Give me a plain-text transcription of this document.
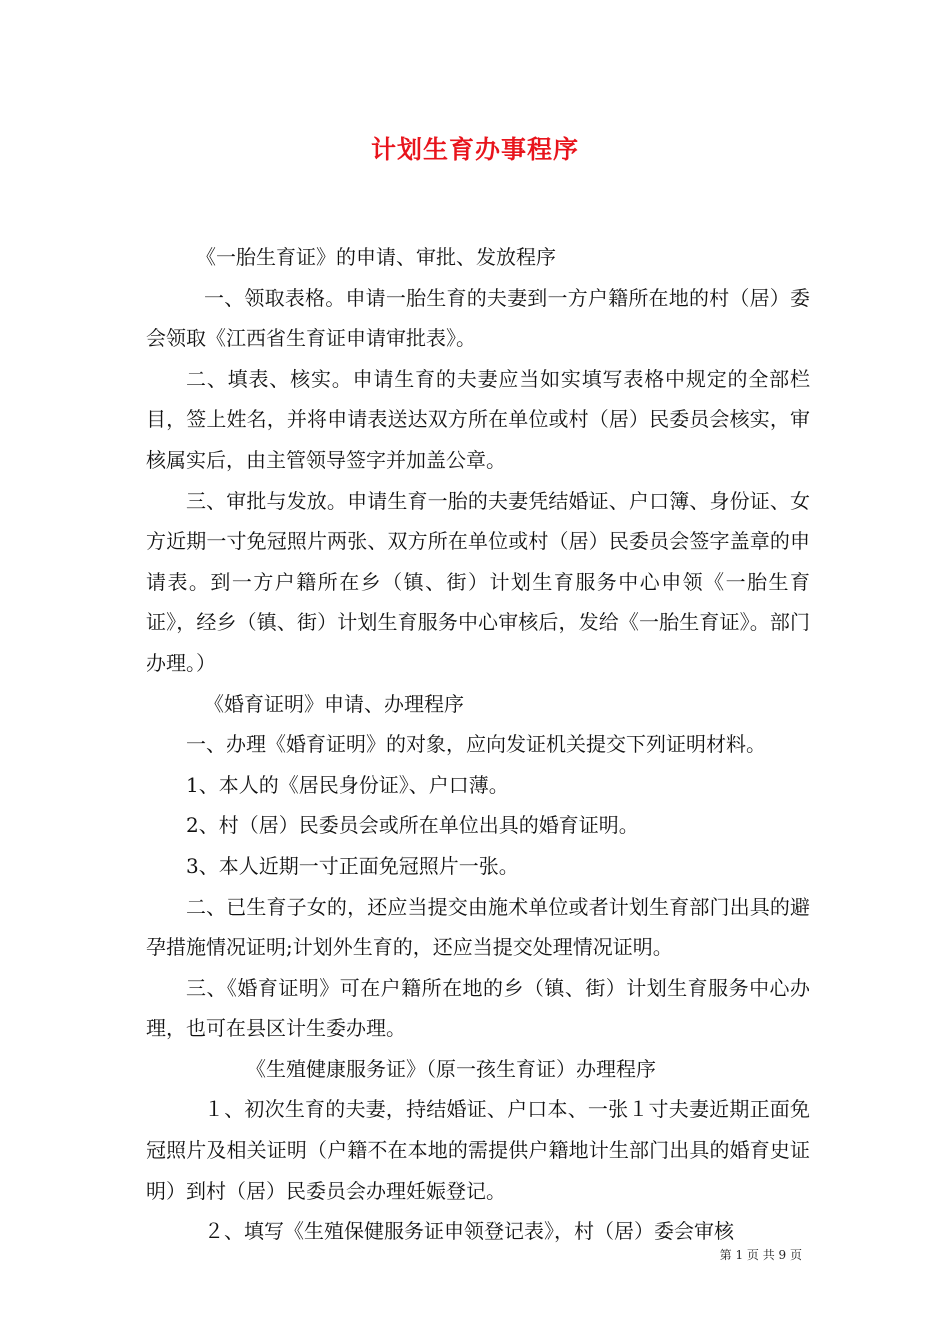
计划生育办事程序

《一胎生育证》的申请、审批、发放程序

一、领取表格。申请一胎生育的夫妻到一方户籍所在地的村（居）委会领取《江西省生育证申请审批表》。

二、填表、核实。申请生育的夫妻应当如实填写表格中规定的全部栏目，签上姓名，并将申请表送达双方所在单位或村（居）民委员会核实，审核属实后，由主管领导签字并加盖公章。

三、审批与发放。申请生育一胎的夫妻凭结婚证、户口簿、身份证、女方近期一寸免冠照片两张、双方所在单位或村（居）民委员会签字盖章的申请表。到一方户籍所在乡（镇、街）计划生育服务中心申领《一胎生育证》，经乡（镇、街）计划生育服务中心审核后，发给《一胎生育证》。部门办理。）

《婚育证明》申请、办理程序

一、办理《婚育证明》的对象，应向发证机关提交下列证明材料。

1、本人的《居民身份证》、户口薄。

2、村（居）民委员会或所在单位出具的婚育证明。

3、本人近期一寸正面免冠照片一张。

二、已生育子女的，还应当提交由施术单位或者计划生育部门出具的避孕措施情况证明;计划外生育的，还应当提交处理情况证明。

三、《婚育证明》可在户籍所在地的乡（镇、街）计划生育服务中心办理，也可在县区计生委办理。

《生殖健康服务证》（原一孩生育证）办理程序

１、初次生育的夫妻，持结婚证、户口本、一张１寸夫妻近期正面免冠照片及相关证明（户籍不在本地的需提供户籍地计生部门出具的婚育史证明）到村（居）民委员会办理妊娠登记。

２、填写《生殖保健服务证申领登记表》，村（居）委会审核

第 1 页 共 9 页
